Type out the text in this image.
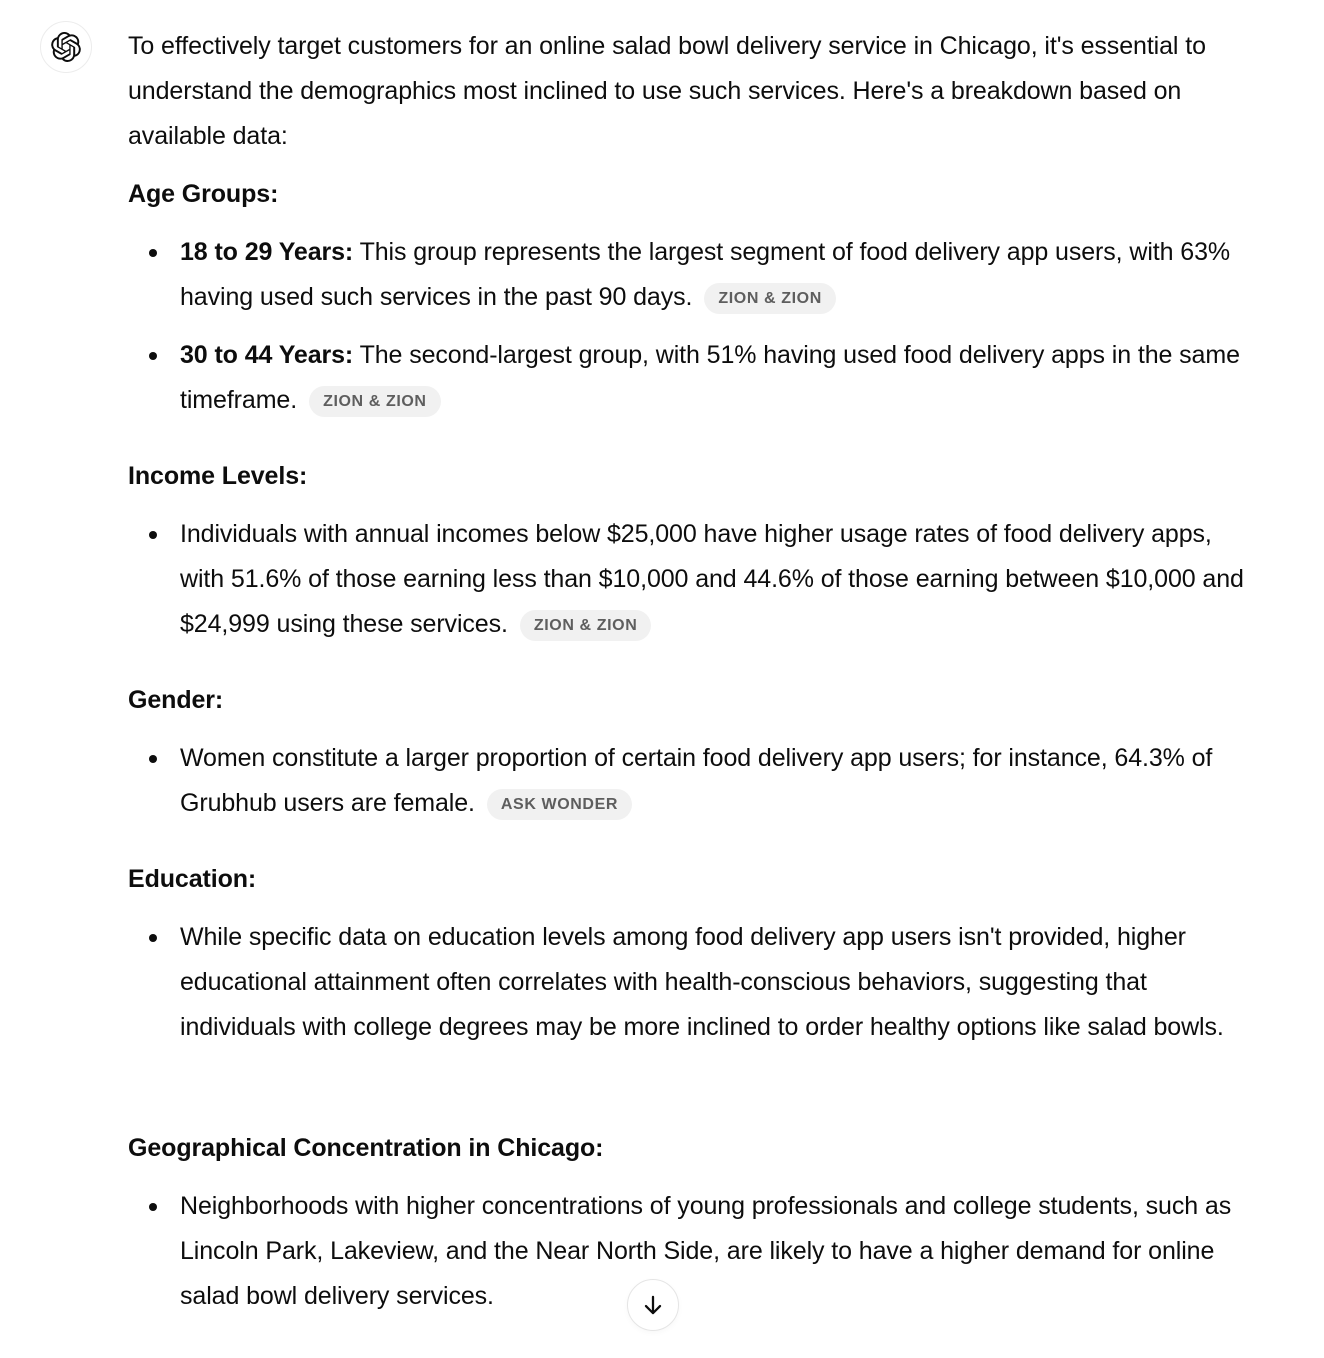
To effectively target customers for an online salad bowl delivery service in Chicago, it's essential to understand the demographics most inclined to use such services. Here's a breakdown based on available data:

Age Groups:

18 to 29 Years: This group represents the largest segment of food delivery app users, with 63% having used such services in the past 90 days. ZION & ZION
30 to 44 Years: The second-largest group, with 51% having used food delivery apps in the same timeframe. ZION & ZION

Income Levels:

Individuals with annual incomes below $25,000 have higher usage rates of food delivery apps, with 51.6% of those earning less than $10,000 and 44.6% of those earning between $10,000 and $24,999 using these services. ZION & ZION

Gender:

Women constitute a larger proportion of certain food delivery app users; for instance, 64.3% of Grubhub users are female. ASK WONDER

Education:

While specific data on education levels among food delivery app users isn't provided, higher educational attainment often correlates with health-conscious behaviors, suggesting that individuals with college degrees may be more inclined to order healthy options like salad bowls.

Geographical Concentration in Chicago:

Neighborhoods with higher concentrations of young professionals and college students, such as Lincoln Park, Lakeview, and the Near North Side, are likely to have a higher demand for online salad bowl delivery services.
